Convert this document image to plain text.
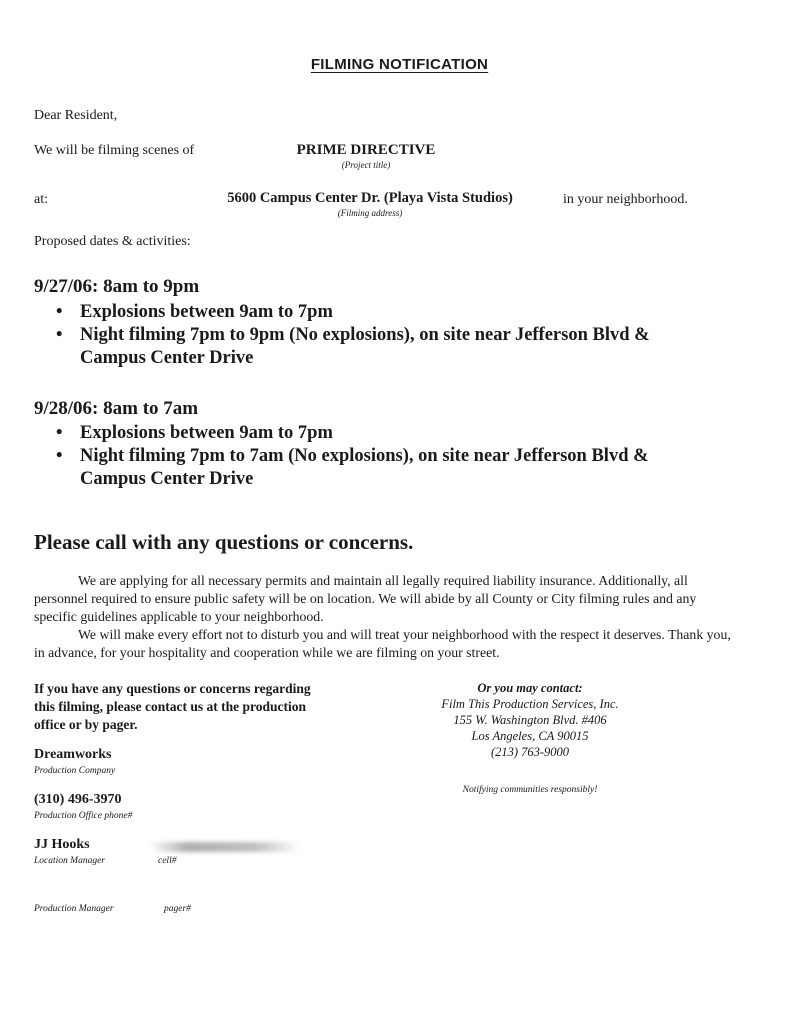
FILMING NOTIFICATION
Dear Resident,
We will be filming scenes of	PRIME DIRECTIVE
(Project title)
at:	5600 Campus Center Dr. (Playa Vista Studios)
(Filming address)
in your neighborhood.
Proposed dates & activities:
9/27/06: 8am to 9pm
• Explosions between 9am to 7pm
• Night filming 7pm to 9pm (No explosions), on site near Jefferson Blvd &
Campus Center Drive
9/28/06: 8am to 7am
• Explosions between 9am to 7pm
• Night filming 7pm to 7am (No explosions), on site near Jefferson Blvd &
Campus Center Drive
Please call with any questions or concerns.

We are applying for all necessary permits and maintain all legally required liability insurance. Additionally, all personnel required to ensure public safety will be on location. We will abide by all County or City filming rules and any specific guidelines applicable to your neighborhood.

We will make every effort not to disturb you and will treat your neighborhood with the respect it deserves. Thank you, in advance, for your hospitality and cooperation while we are filming on your street.

If you have any questions or concerns regarding
this filming, please contact us at the production
office or by pager.
Dreamworks
Production Company
(310) 496-3970
Production Office phone#
JJ Hooks
Location Manager	cell#
Production Manager	pager#
Or you may contact:
Film This Production Services, Inc.
155 W. Washington Blvd. #406
Los Angeles, CA 90015
(213) 763-9000
Notifying communities responsibly!
